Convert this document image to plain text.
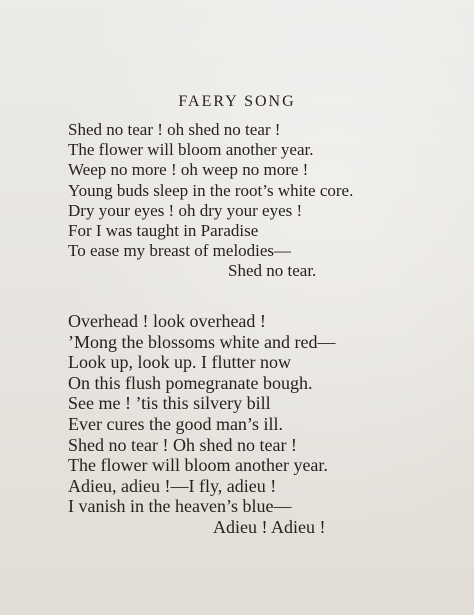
FAERY SONG
Shed no tear ! oh shed no tear !
The flower will bloom another year.
Weep no more ! oh weep no more !
Young buds sleep in the root’s white core.
Dry your eyes ! oh dry your eyes !
For I was taught in Paradise
To ease my breast of melodies—
Shed no tear.
Overhead ! look overhead !
’Mong the blossoms white and red—
Look up, look up. I flutter now
On this flush pomegranate bough.
See me ! ’tis this silvery bill
Ever cures the good man’s ill.
Shed no tear ! Oh shed no tear !
The flower will bloom another year.
Adieu, adieu !—I fly, adieu !
I vanish in the heaven’s blue—
Adieu ! Adieu !
